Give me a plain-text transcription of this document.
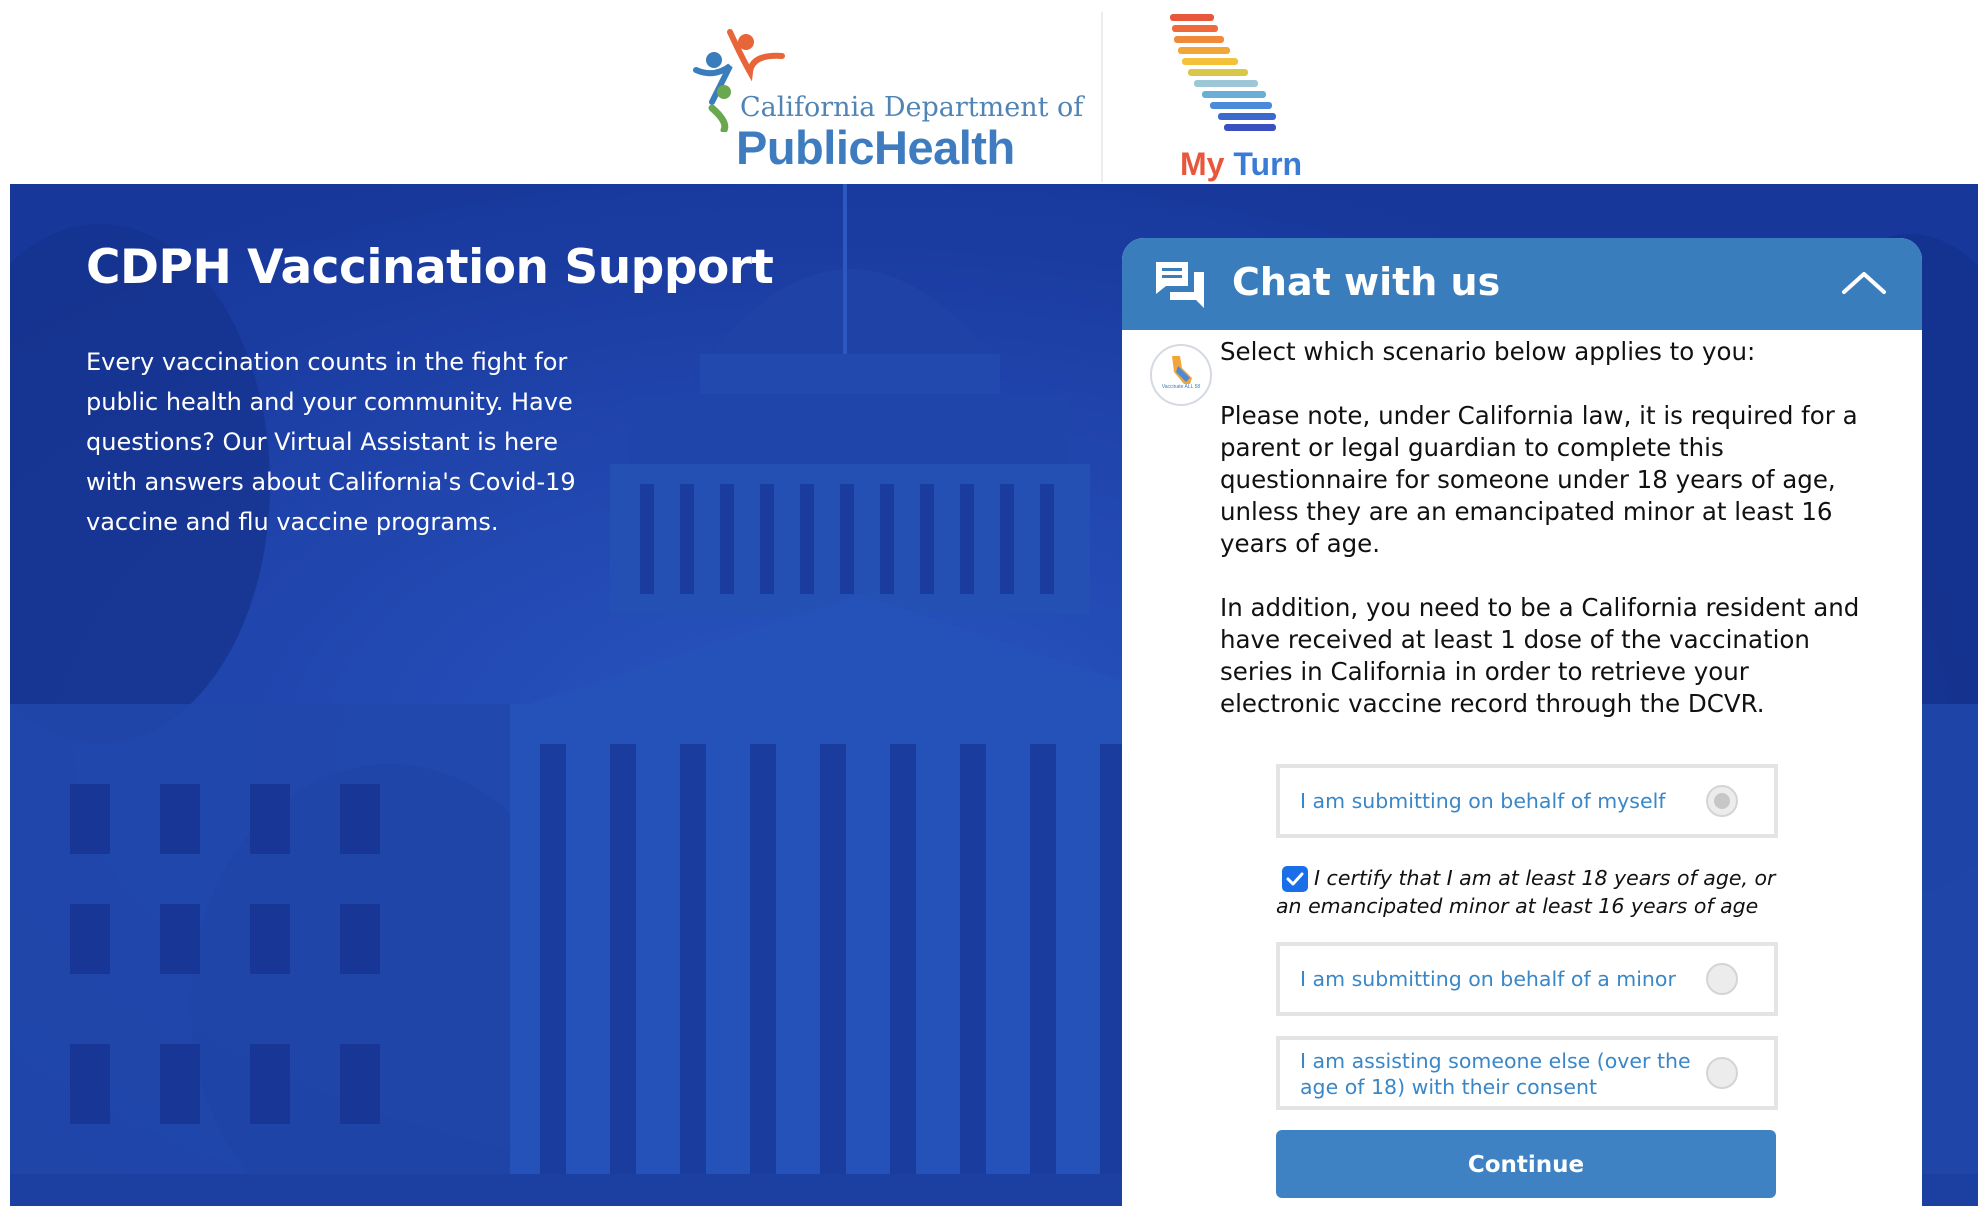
California Department of
PublicHealth	My Turn
CDPH Vaccination Support
Every vaccination counts in the fight for public health and your community. Have questions? Our Virtual Assistant is here with answers about California's Covid-19 vaccine and flu vaccine programs.
Chat with us
Vaccinate ALL 58

Select which scenario below applies to you:

Please note, under California law, it is required for a parent or legal guardian to complete this questionnaire for someone under 18 years of age, unless they are an emancipated minor at least 16 years of age.

In addition, you need to be a California resident and have received at least 1 dose of the vaccination series in California in order to retrieve your electronic vaccine record through the DCVR.

I am submitting on behalf of myself
I certify that I am at least 18 years of age, or an emancipated minor at least 16 years of age
I am submitting on behalf of a minor
I am assisting someone else (over the age of 18) with their consent
Continue
